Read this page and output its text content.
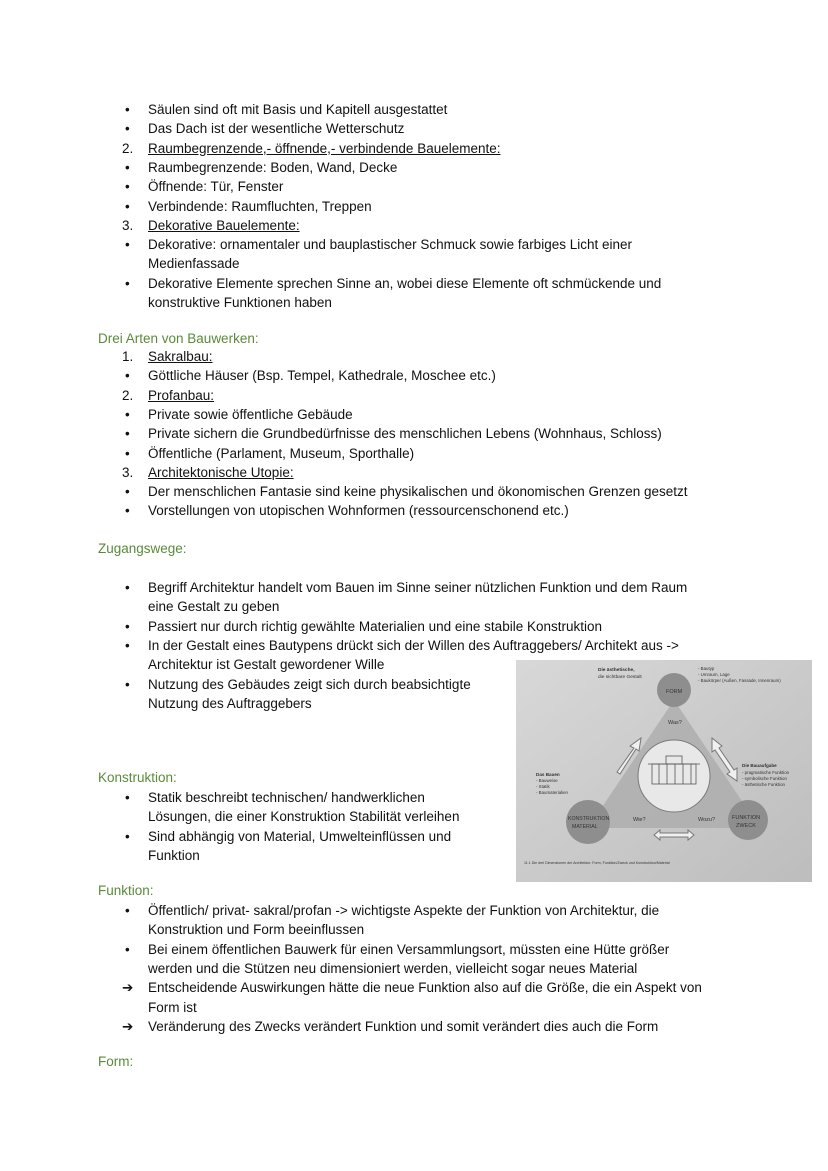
• Säulen sind oft mit Basis und Kapitell ausgestattet
• Das Dach ist der wesentliche Wetterschutz
2. Raumbegrenzende,- öffnende,- verbindende Bauelemente:
• Raumbegrenzende: Boden, Wand, Decke
• Öffnende: Tür, Fenster
• Verbindende: Raumfluchten, Treppen
3. Dekorative Bauelemente:
• Dekorative: ornamentaler und bauplastischer Schmuck sowie farbiges Licht einer
Medienfassade
• Dekorative Elemente sprechen Sinne an, wobei diese Elemente oft schmückende und
konstruktive Funktionen haben
Drei Arten von Bauwerken:
1. Sakralbau:
• Göttliche Häuser (Bsp. Tempel, Kathedrale, Moschee etc.)
2. Profanbau:
• Private sowie öffentliche Gebäude
• Private sichern die Grundbedürfnisse des menschlichen Lebens (Wohnhaus, Schloss)
• Öffentliche (Parlament, Museum, Sporthalle)
3. Architektonische Utopie:
• Der menschlichen Fantasie sind keine physikalischen und ökonomischen Grenzen gesetzt
• Vorstellungen von utopischen Wohnformen (ressourcenschonend etc.)
Zugangswege:
• Begriff Architektur handelt vom Bauen im Sinne seiner nützlichen Funktion und dem Raum
eine Gestalt zu geben
• Passiert nur durch richtig gewählte Materialien und eine stabile Konstruktion
• In der Gestalt eines Bautypens drückt sich der Willen des Auftraggebers/ Architekt aus ->
Architektur ist Gestalt gewordener Wille
• Nutzung des Gebäudes zeigt sich durch beabsichtigte
Nutzung des Auftraggebers
Konstruktion:
• Statik beschreibt technischen/ handwerklichen
Lösungen, die einer Konstruktion Stabilität verleihen
• Sind abhängig von Material, Umwelteinflüssen und
Funktion
Funktion:
• Öffentlich/ privat- sakral/profan -> wichtigste Aspekte der Funktion von Architektur, die
Konstruktion und Form beeinflussen
• Bei einem öffentlichen Bauwerk für einen Versammlungsort, müssten eine Hütte größer
werden und die Stützen neu dimensioniert werden, vielleicht sogar neues Material
➔ Entscheidende Auswirkungen hätte die neue Funktion also auf die Größe, die ein Aspekt von
Form ist
➔ Veränderung des Zwecks verändert Funktion und somit verändert dies auch die Form
Form:
FORM
Was?
KONSTRUKTION
MATERIAL
Wie?	Wozu?	FUNKTION
ZWECK
Die ästhetische,
die sichtbare Gestalt
- Bautyp
- Umraum, Lage
- Baukörper (Außen, Fassade, Innenraum)
Die Bauaufgabe
- pragmatische Funktion
- symbolische Funktion
- ästhetische Funktion
Das Bauen
- Bauweise
- Statik
- Baumaterialien
11.1 Die drei Dimensionen der Architektur: Form, Funktion/Zweck und Konstruktion/Material
